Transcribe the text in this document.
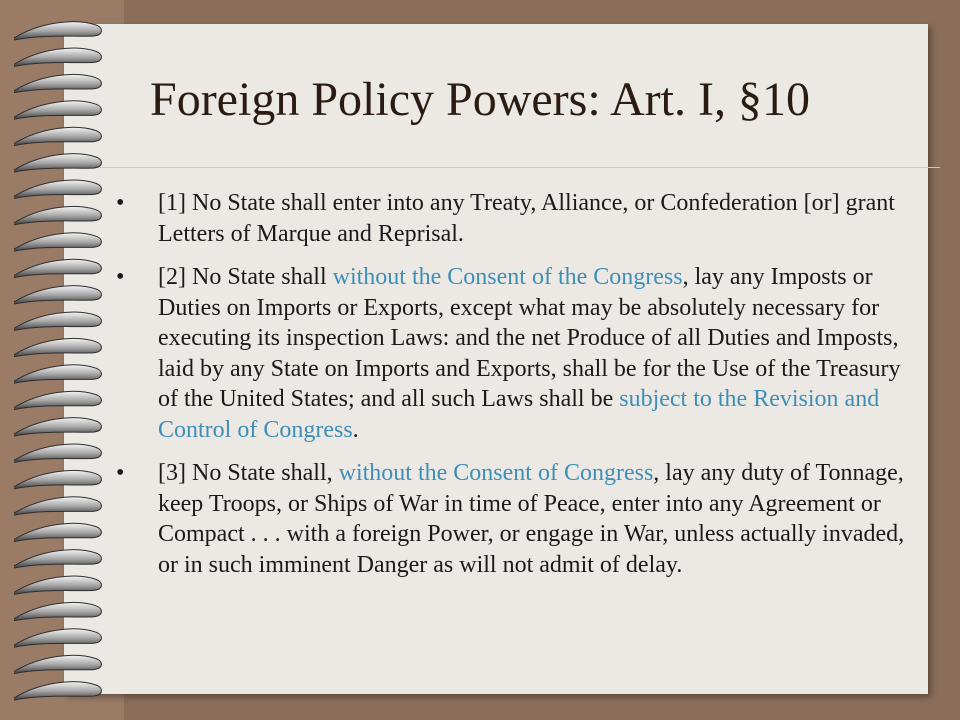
Foreign Policy Powers: Art. I, §10
• [1] No State shall enter into any Treaty, Alliance, or Confederation [or] grant Letters of Marque and Reprisal.
• [2] No State shall without the Consent of the Congress, lay any Imposts or Duties on Imports or Exports, except what may be absolutely necessary for executing its inspection Laws: and the net Produce of all Duties and Imposts, laid by any State on Imports and Exports, shall be for the Use of the Treasury of the United States; and all such Laws shall be subject to the Revision and Control of Congress.
• [3] No State shall, without the Consent of Congress, lay any duty of Tonnage, keep Troops, or Ships of War in time of Peace, enter into any Agreement or Compact . . . with a foreign Power, or engage in War, unless actually invaded, or in such imminent Danger as will not admit of delay.
